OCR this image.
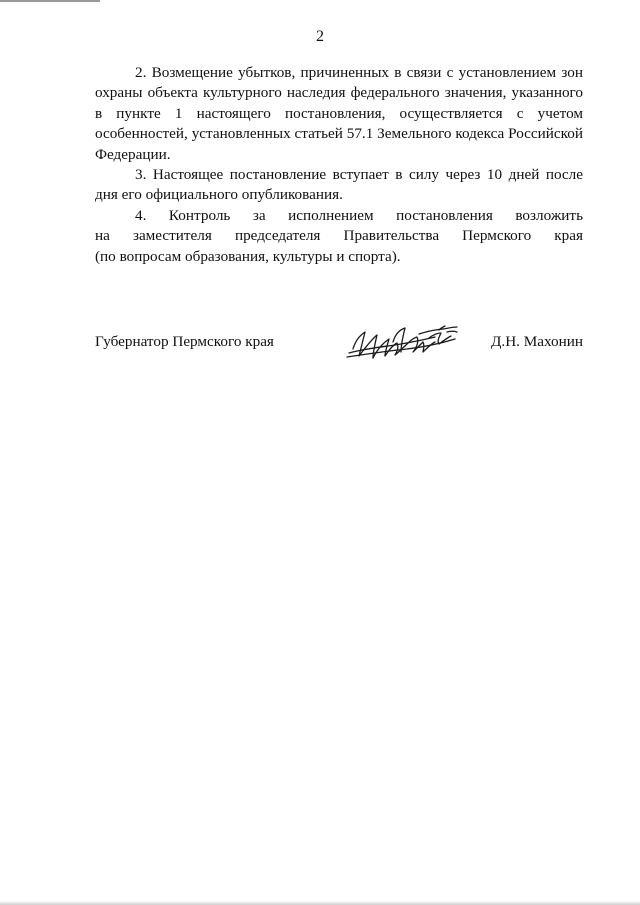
2

2. Возмещение убытков, причиненных в связи с установлением зон охраны объекта культурного наследия федерального значения, указанного в пункте 1 настоящего постановления, осуществляется с учетом особенностей, установленных статьей 57.1 Земельного кодекса Российской Федерации.

3. Настоящее постановление вступает в силу через 10 дней после дня его официального опубликования.

4. Контроль за исполнением постановления возложить
на заместителя председателя Правительства Пермского края
(по вопросам образования, культуры и спорта).

Губернатор Пермского края	Д.Н. Махонин
